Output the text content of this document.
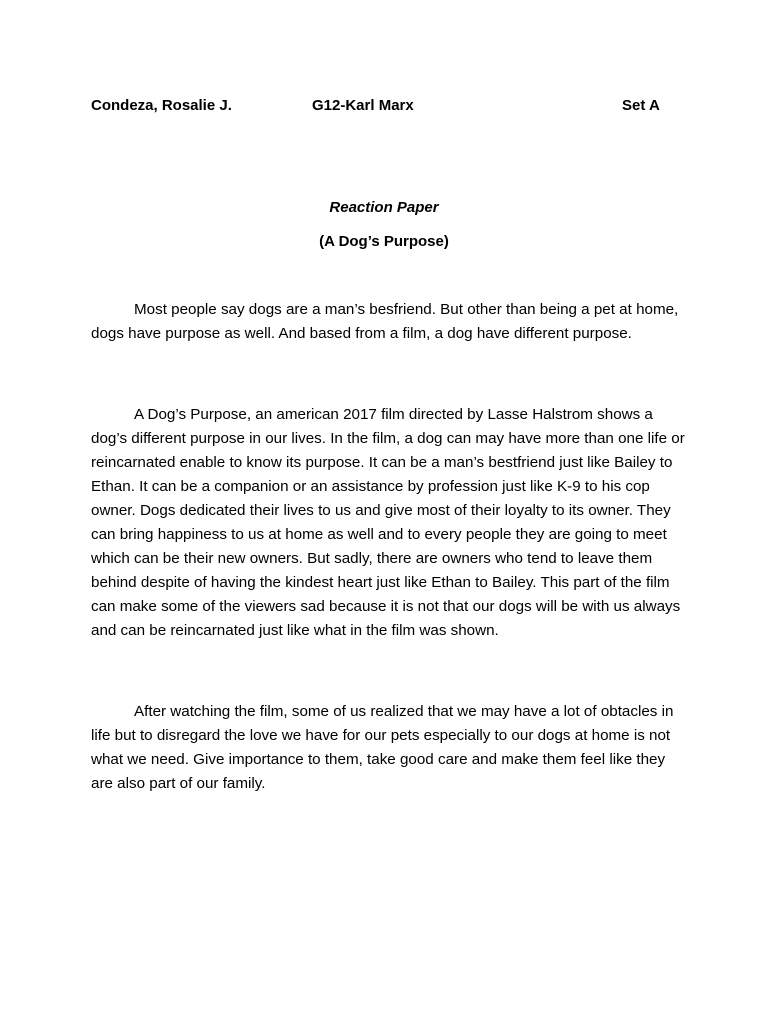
Condeza, Rosalie J.	G12-Karl Marx	Set A
Reaction Paper
(A Dog’s Purpose)

Most people say dogs are a man’s besfriend. But other than being a pet at home, dogs have purpose as well. And based from a film, a dog have different purpose.

A Dog’s Purpose, an american 2017 film directed by Lasse Halstrom shows a dog’s different purpose in our lives. In the film, a dog can may have more than one life or reincarnated enable to know its purpose. It can be a man’s bestfriend just like Bailey to Ethan. It can be a companion or an assistance by profession just like K-9 to his cop owner. Dogs dedicated their lives to us and give most of their loyalty to its owner. They can bring happiness to us at home as well and to every people they are going to meet which can be their new owners. But sadly, there are owners who tend to leave them behind despite of having the kindest heart just like Ethan to Bailey. This part of the film can make some of the viewers sad because it is not that our dogs will be with us always and can be reincarnated just like what in the film was shown.

After watching the film, some of us realized that we may have a lot of obtacles in life but to disregard the love we have for our pets especially to our dogs at home is not what we need. Give importance to them, take good care and make them feel like they are also part of our family.
